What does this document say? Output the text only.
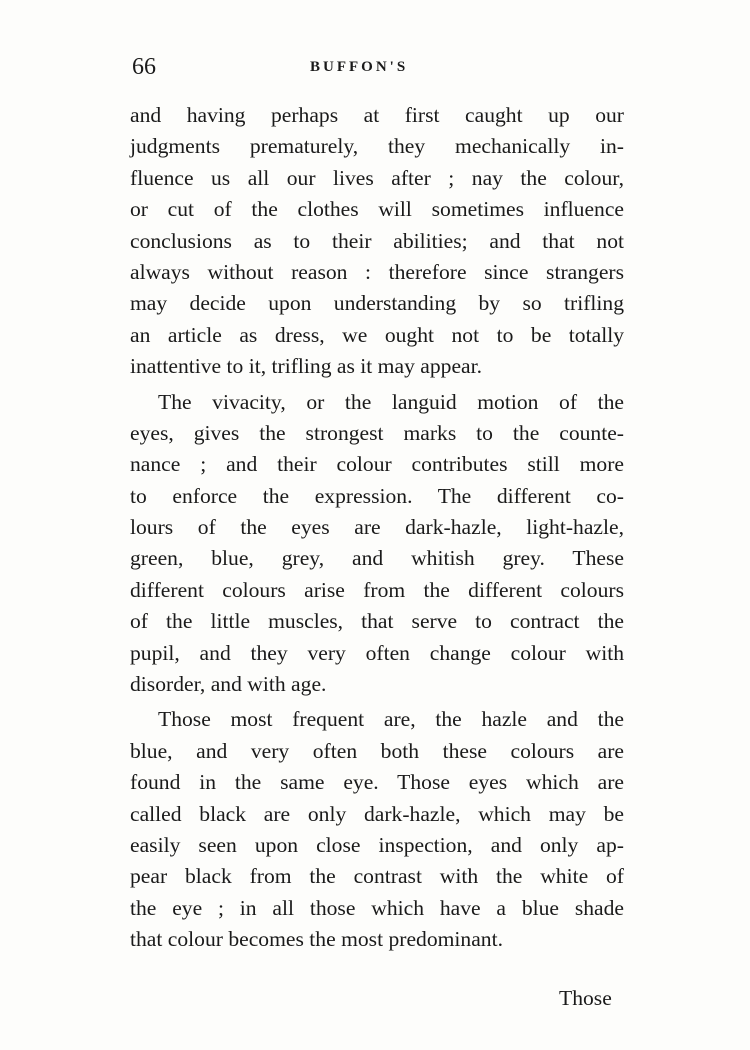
66	BUFFON'S
and having perhaps at first caught up our
judgments prematurely, they mechanically in-
fluence us all our lives after ; nay the colour,
or cut of the clothes will sometimes influence
conclusions as to their abilities; and that not
always without reason : therefore since strangers
may decide upon understanding by so trifling
an article as dress, we ought not to be totally
inattentive to it, trifling as it may appear.
The vivacity, or the languid motion of the
eyes, gives the strongest marks to the counte-
nance ; and their colour contributes still more
to enforce the expression. The different co-
lours of the eyes are dark-hazle, light-hazle,
green, blue, grey, and whitish grey. These
different colours arise from the different colours
of the little muscles, that serve to contract the
pupil, and they very often change colour with
disorder, and with age.
Those most frequent are, the hazle and the
blue, and very often both these colours are
found in the same eye. Those eyes which are
called black are only dark-hazle, which may be
easily seen upon close inspection, and only ap-
pear black from the contrast with the white of
the eye ; in all those which have a blue shade
that colour becomes the most predominant.
Those
